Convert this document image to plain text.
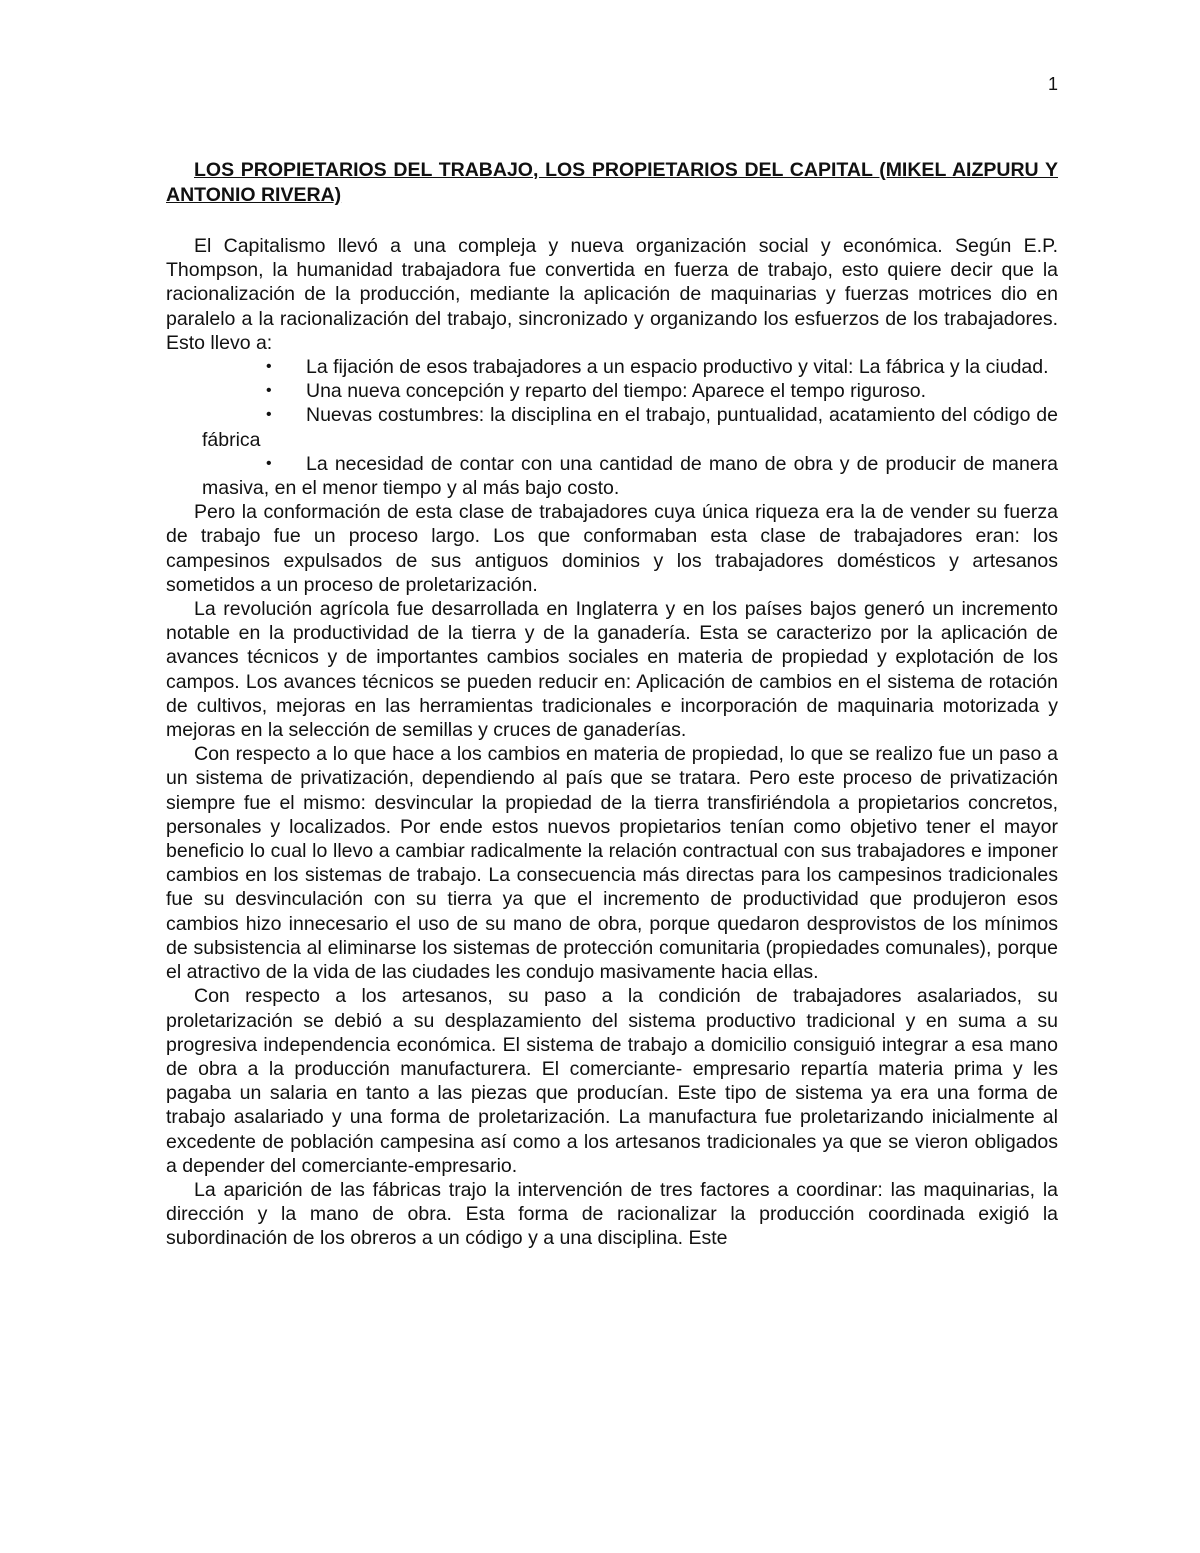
1
LOS PROPIETARIOS DEL TRABAJO, LOS PROPIETARIOS DEL CAPITAL (MIKEL AIZPURU Y ANTONIO RIVERA)

El Capitalismo llevó a una compleja y nueva organización social y económica. Según E.P. Thompson, la humanidad trabajadora fue convertida en fuerza de trabajo, esto quiere decir que la racionalización de la producción, mediante la aplicación de maquinarias y fuerzas motrices dio en paralelo a la racionalización del trabajo, sincronizado y organizando los esfuerzos de los trabajadores. Esto llevo a:

• La fijación de esos trabajadores a un espacio productivo y vital: La fábrica y la ciudad.
• Una nueva concepción y reparto del tiempo: Aparece el tempo riguroso.
• Nuevas costumbres: la disciplina en el trabajo, puntualidad, acatamiento del código de fábrica
• La necesidad de contar con una cantidad de mano de obra y de producir de manera masiva, en el menor tiempo y al más bajo costo.

Pero la conformación de esta clase de trabajadores cuya única riqueza era la de vender su fuerza de trabajo fue un proceso largo. Los que conformaban esta clase de trabajadores eran: los campesinos expulsados de sus antiguos dominios y los trabajadores domésticos y artesanos sometidos a un proceso de proletarización.

La revolución agrícola fue desarrollada en Inglaterra y en los países bajos generó un incremento notable en la productividad de la tierra y de la ganadería. Esta se caracterizo por la aplicación de avances técnicos y de importantes cambios sociales en materia de propiedad y explotación de los campos. Los avances técnicos se pueden reducir en: Aplicación de cambios en el sistema de rotación de cultivos, mejoras en las herramientas tradicionales e incorporación de maquinaria motorizada y mejoras en la selección de semillas y cruces de ganaderías.

Con respecto a lo que hace a los cambios en materia de propiedad, lo que se realizo fue un paso a un sistema de privatización, dependiendo al país que se tratara. Pero este proceso de privatización siempre fue el mismo: desvincular la propiedad de la tierra transfiriéndola a propietarios concretos, personales y localizados. Por ende estos nuevos propietarios tenían como objetivo tener el mayor beneficio lo cual lo llevo a cambiar radicalmente la relación contractual con sus trabajadores e imponer cambios en los sistemas de trabajo. La consecuencia más directas para los campesinos tradicionales fue su desvinculación con su tierra ya que el incremento de productividad que produjeron esos cambios hizo innecesario el uso de su mano de obra, porque quedaron desprovistos de los mínimos de subsistencia al eliminarse los sistemas de protección comunitaria (propiedades comunales), porque el atractivo de la vida de las ciudades les condujo masivamente hacia ellas.

Con respecto a los artesanos, su paso a la condición de trabajadores asalariados, su proletarización se debió a su desplazamiento del sistema productivo tradicional y en suma a su progresiva independencia económica. El sistema de trabajo a domicilio consiguió integrar a esa mano de obra a la producción manufacturera. El comerciante- empresario repartía materia prima y les pagaba un salaria en tanto a las piezas que producían. Este tipo de sistema ya era una forma de trabajo asalariado y una forma de proletarización. La manufactura fue proletarizando inicialmente al excedente de población campesina así como a los artesanos tradicionales ya que se vieron obligados a depender del comerciante-empresario.

La aparición de las fábricas trajo la intervención de tres factores a coordinar: las maquinarias, la dirección y la mano de obra. Esta forma de racionalizar la producción coordinada exigió la subordinación de los obreros a un código y a una disciplina. Este
